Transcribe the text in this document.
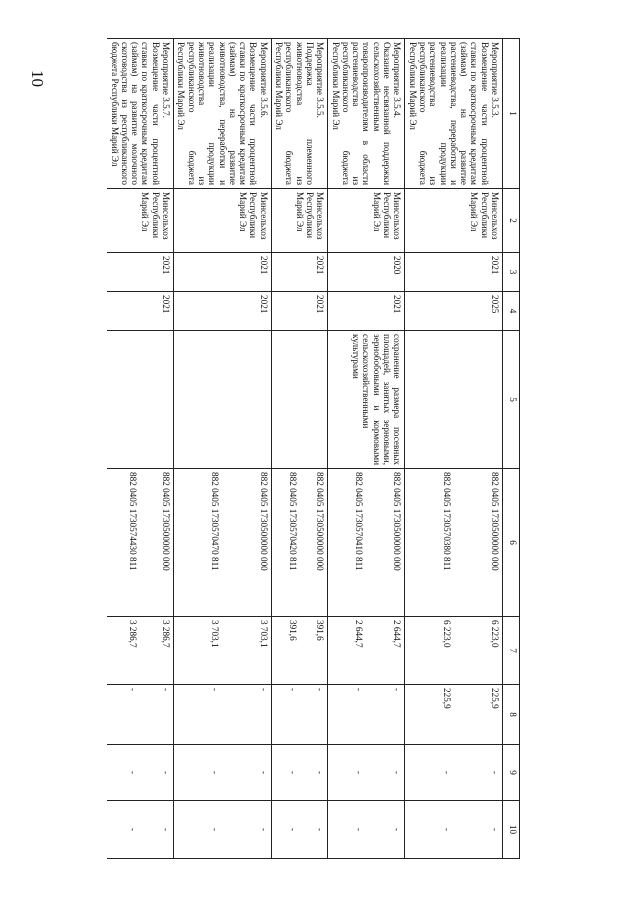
10
1	2	3	4	5	6	7	8	9	10

Мероприятие 3.5.3.
Возмещение части процентной ставки по краткосрочным кредитам (займам) на развитие растениеводства, переработки и реализации продукции растениеводства из республиканского бюджета Республики Марий Эл	Минсельхоз Республики Марий Эл	2021	2025		882 0405 1730500000 000	6 223,0	225,9	-	-
					882 0405 1730570380 811	6 223,0	225,9	-	-

Мероприятие 3.5.4.
Оказание несвязанной поддержки сельскохозяйственным товаропроизводителям в области растениеводства из республиканского бюджета Республики Марий Эл	Минсельхоз Республики Марий Эл	2020	2021	сохранение размера посевных площадей, занятых зерновыми, зернобобовыми и кормовыми сельскохозяйственными культурами	882 0405 1730500000 000	2 644,7	-	-	-
					882 0405 1730570410 811	2 644,7	-	-	-

Мероприятие 3.5.5.
Поддержка племенного животноводства из республиканского бюджета Республики Марий Эл	Минсельхоз Республики Марий Эл	2021	2021		882 0405 1730500000 000	391,6	-	-	-
					882 0405 1730570420 811	391,6	-	-	-

Мероприятие 3.5.6.
Возмещение части процентной ставки по краткосрочным кредитам (займам) на развитие животноводства, переработки и реализации продукции животноводства из республиканского бюджета Республики Марий Эл	Минсельхоз Республики Марий Эл	2021	2021		882 0405 1730500000 000	3 703,1	-	-	-
					882 0405 1730570470 811	3 703,1	-	-	-

Мероприятие 3.5.7.
Возмещение части процентной ставки по краткосрочным кредитам (займам) на развитие молочного скотоводства из республиканского бюджета Республики Марий Эл	Минсельхоз Республики Марий Эл	2021	2021		882 0405 1730500000 000	3 286,7	-	-	-
					882 0405 1730574430 811	3 286,7	-	-	-
